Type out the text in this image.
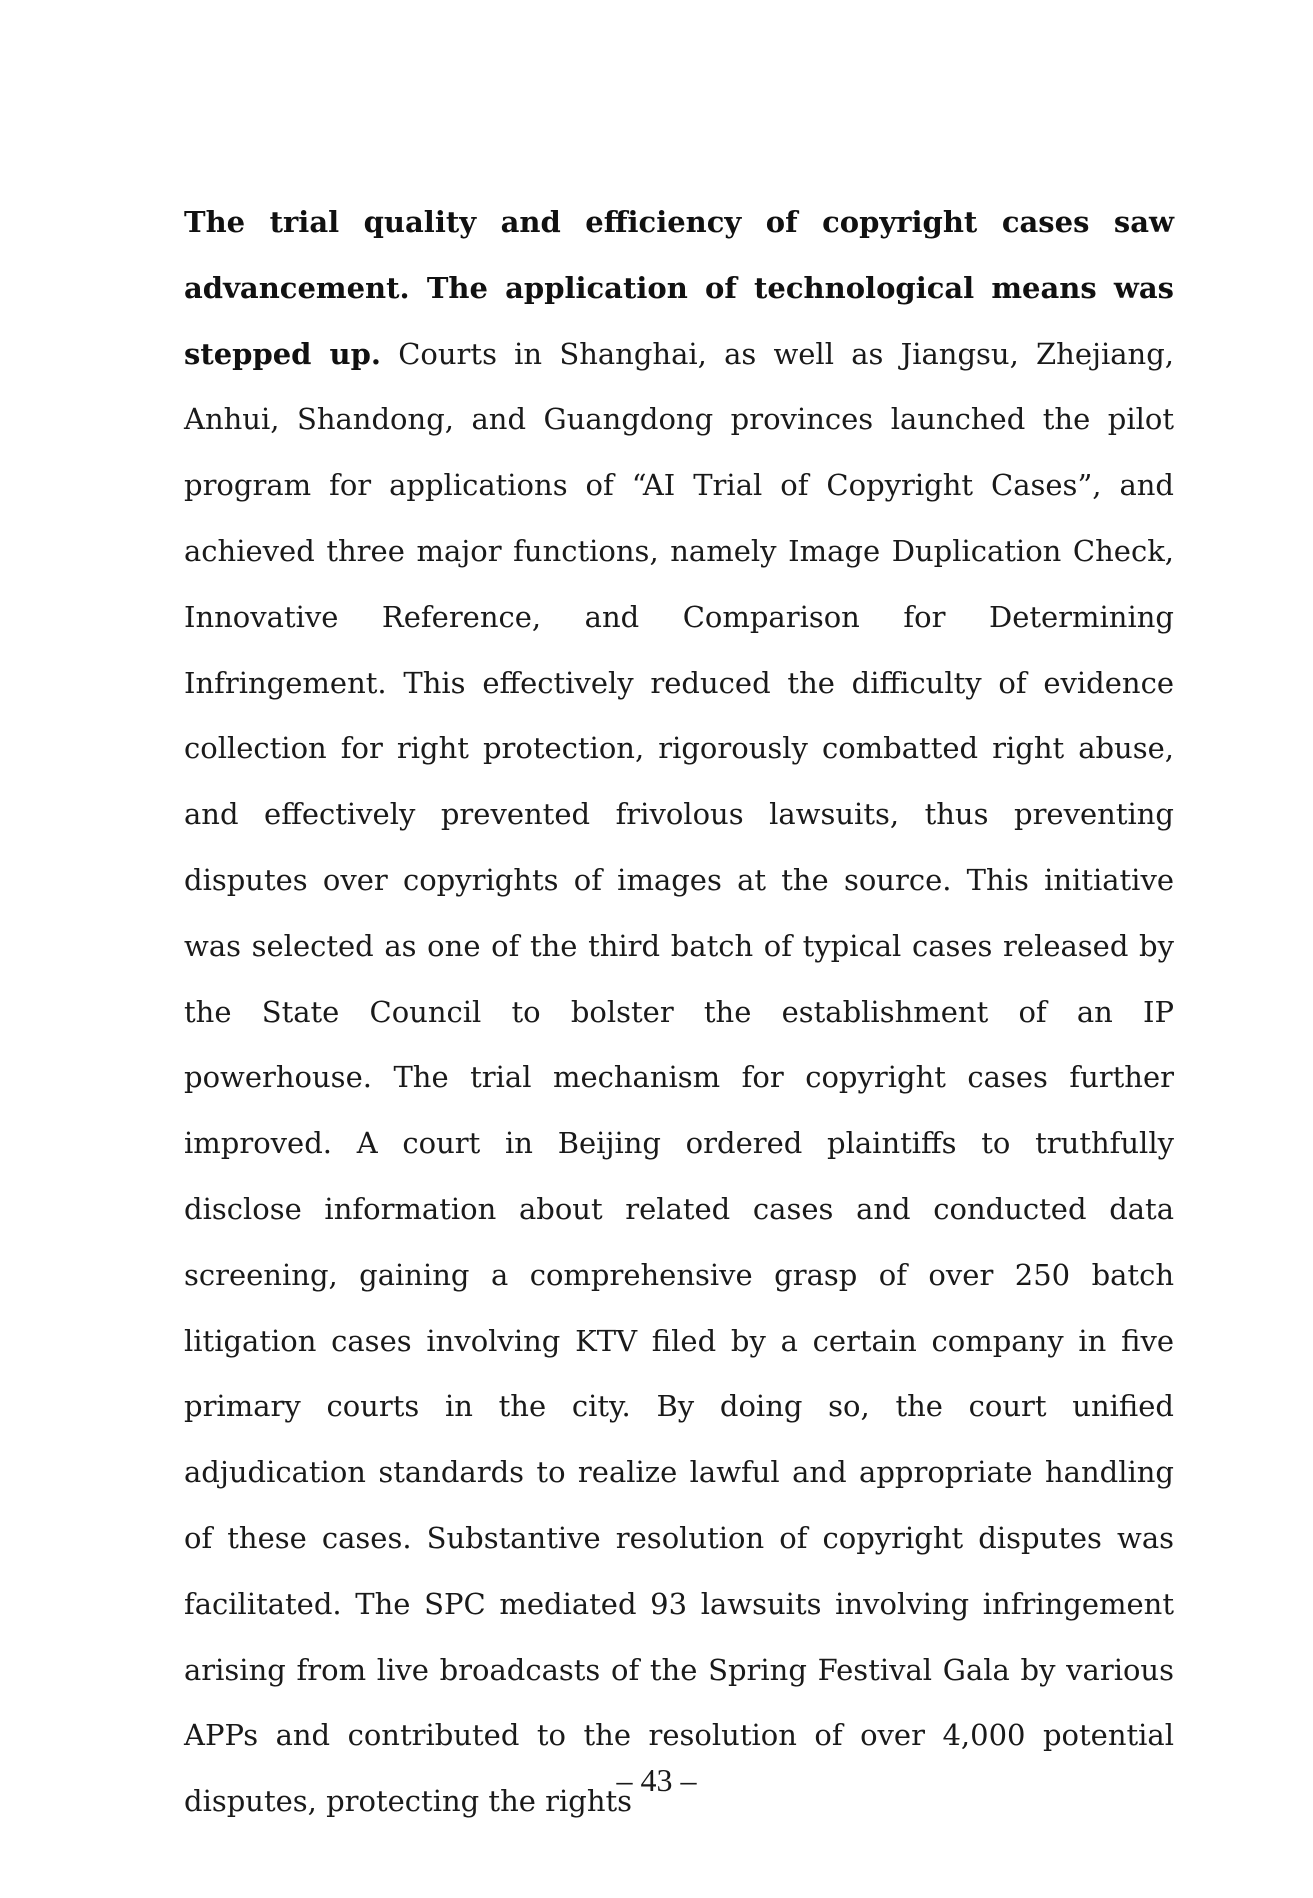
The trial quality and efficiency of copyright cases saw advancement. The application of technological means was stepped up. Courts in Shanghai, as well as Jiangsu, Zhejiang, Anhui, Shandong, and Guangdong provinces launched the pilot program for applications of “AI Trial of Copyright Cases”, and achieved three major functions, namely Image Duplication Check, Innovative Reference, and Comparison for Determining Infringement. This effectively reduced the difficulty of evidence collection for right protection, rigorously combatted right abuse, and effectively prevented frivolous lawsuits, thus preventing disputes over copyrights of images at the source. This initiative was selected as one of the third batch of typical cases released by the State Council to bolster the establishment of an IP powerhouse. The trial mechanism for copyright cases further improved. A court in Beijing ordered plaintiffs to truthfully disclose information about related cases and conducted data screening, gaining a comprehensive grasp of over 250 batch litigation cases involving KTV filed by a certain company in five primary courts in the city. By doing so, the court unified adjudication standards to realize lawful and appropriate handling of these cases. Substantive resolution of copyright disputes was facilitated. The SPC mediated 93 lawsuits involving infringement arising from live broadcasts of the Spring Festival Gala by various APPs and contributed to the resolution of over 4,000 potential disputes, protecting the rights

– 43 –
